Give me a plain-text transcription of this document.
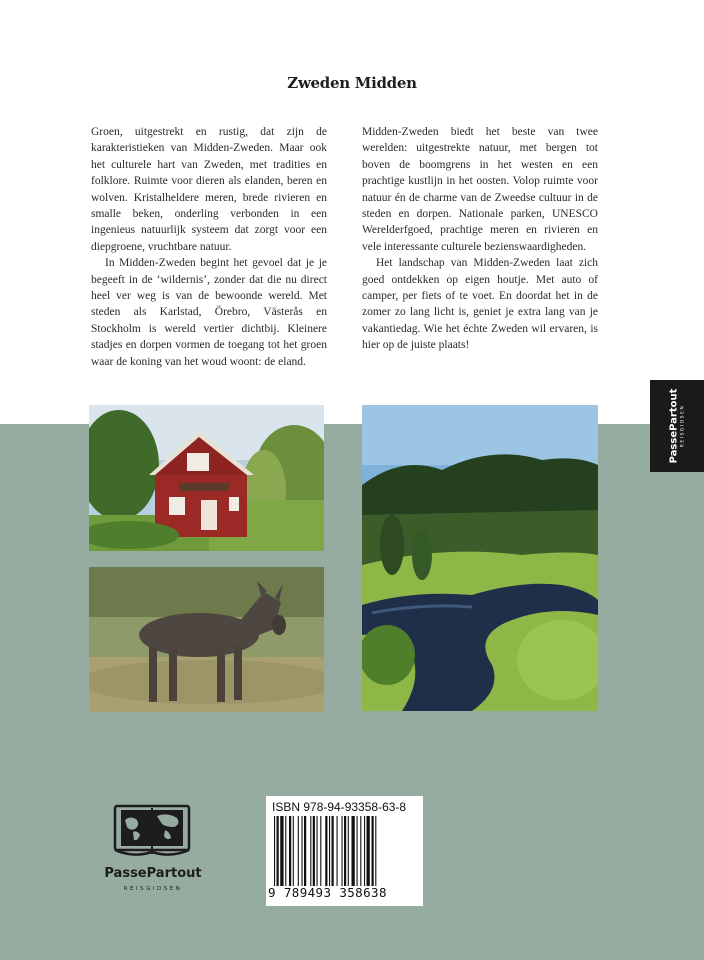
Zweden Midden

Groen, uitgestrekt en rustig, dat zijn de karakteristieken van Midden-Zweden. Maar ook het culturele hart van Zweden, met tradities en folklore. Ruimte voor dieren als elanden, beren en wolven. Kristalheldere meren, brede rivieren en smalle beken, onderling verbonden in een ingenieus natuurlijk systeem dat zorgt voor een diepgroene, vruchtbare natuur.

In Midden-Zweden begint het gevoel dat je je begeeft in de ‘wildernis’, zonder dat die nu direct heel ver weg is van de bewoonde wereld. Met steden als Karlstad, Örebro, Västerås en Stockholm is wereld vertier dichtbij. Kleinere stadjes en dorpen vormen de toegang tot het groen waar de koning van het woud woont: de eland.

Midden-Zweden biedt het beste van twee werelden: uitgestrekte natuur, met bergen tot boven de boomgrens in het westen en een prachtige kustlijn in het oosten. Volop ruimte voor natuur én de charme van de Zweedse cultuur in de steden en dorpen. Nationale parken, UNESCO Werelderfgoed, prachtige meren en rivieren en vele interessante culturele bezienswaardigheden.

Het landschap van Midden-Zweden laat zich goed ontdekken op eigen houtje. Met auto of camper, per fiets of te voet. En doordat het in de zomer zo lang licht is, geniet je extra lang van je vakantiedag. Wie het échte Zweden wil ervaren, is hier op de juiste plaats!

PassePartout REISGIDSEN
PassePartout
REISGIDSEN
ISBN 978-94-93358-63-8
9 789493 358638
